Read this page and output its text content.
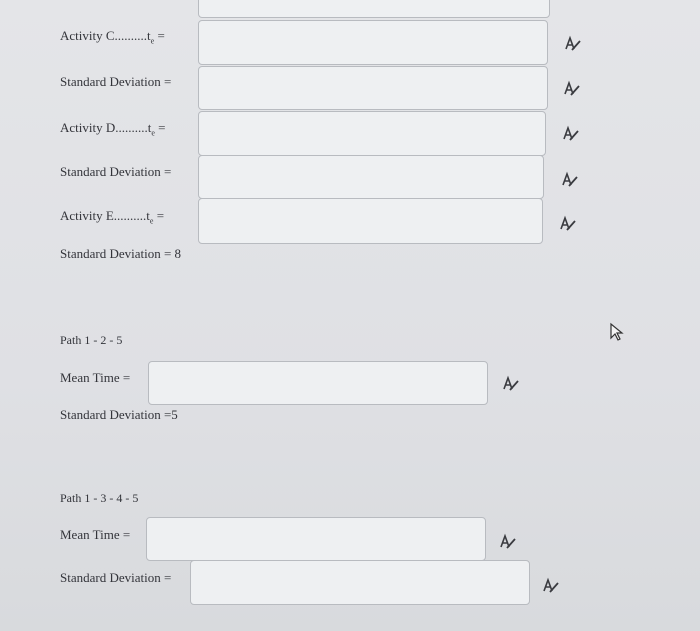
Activity $C..........t_e$ =
Standard Deviation =
Activity $D..........t_e$ =
Standard Deviation =
Activity $E..........t_e$ =
Standard Deviation = 8
Path 1 - 2 - 5
Mean Time =
Standard Deviation =5
Path 1 - 3 - 4 - 5
Mean Time =
Standard Deviation =
